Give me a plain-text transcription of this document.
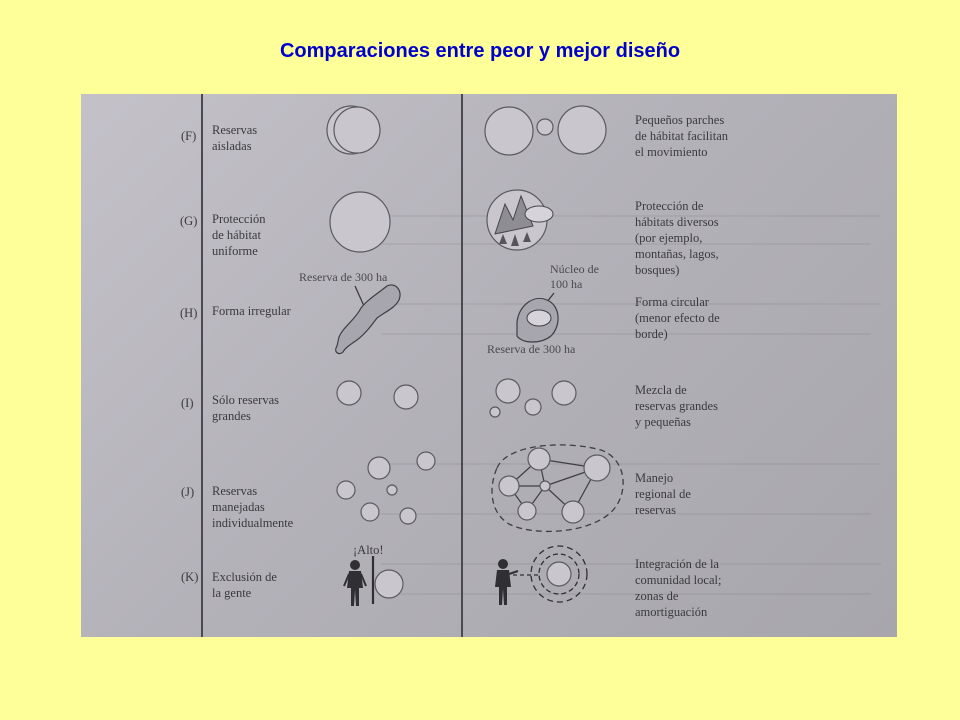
Comparaciones entre peor y mejor diseño
(F)
(G)
(H)
(I)
(J)
(K)
Reservas
aisladas
Protección
de hábitat
uniforme
Forma irregular
Sólo reservas
grandes
Reservas
manejadas
individualmente
Exclusión de
la gente
Pequeños parches
de hábitat facilitan
el movimiento
Protección de
hábitats diversos
(por ejemplo,
montañas, lagos,
bosques)
Forma circular
(menor efecto de
borde)
Mezcla de
reservas grandes
y pequeñas
Manejo
regional de
reservas
Integración de la
comunidad local;
zonas de
amortiguación
Reserva de 300 ha
Núcleo de
100 ha
Reserva de 300 ha
¡Alto!
